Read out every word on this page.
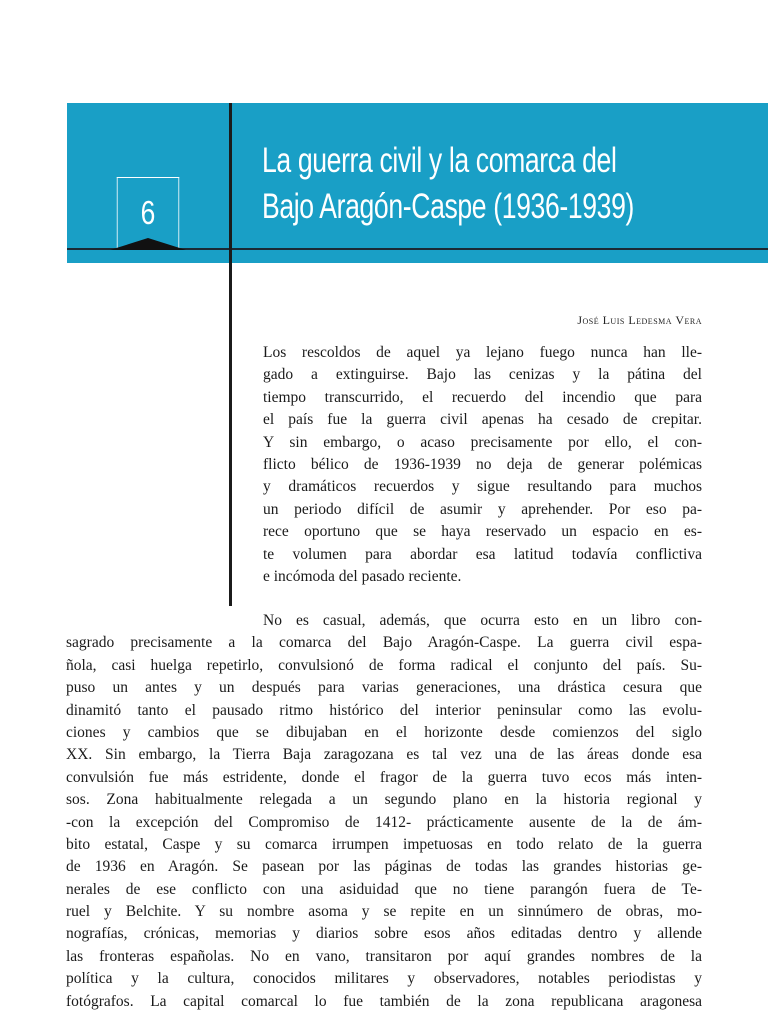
6
La guerra civil y la comarca del
Bajo Aragón-Caspe (1936-1939)
José Luis Ledesma Vera
Los rescoldos de aquel ya lejano fuego nunca han lle-
gado a extinguirse. Bajo las cenizas y la pátina del
tiempo transcurrido, el recuerdo del incendio que para
el país fue la guerra civil apenas ha cesado de crepitar.
Y sin embargo, o acaso precisamente por ello, el con-
flicto bélico de 1936-1939 no deja de generar polémicas
y dramáticos recuerdos y sigue resultando para muchos
un periodo difícil de asumir y aprehender. Por eso pa-
rece oportuno que se haya reservado un espacio en es-
te volumen para abordar esa latitud todavía conflictiva
e incómoda del pasado reciente.
No es casual, además, que ocurra esto en un libro con-
sagrado precisamente a la comarca del Bajo Aragón-Caspe. La guerra civil espa-
ñola, casi huelga repetirlo, convulsionó de forma radical el conjunto del país. Su-
puso un antes y un después para varias generaciones, una drástica cesura que
dinamitó tanto el pausado ritmo histórico del interior peninsular como las evolu-
ciones y cambios que se dibujaban en el horizonte desde comienzos del siglo
XX. Sin embargo, la Tierra Baja zaragozana es tal vez una de las áreas donde esa
convulsión fue más estridente, donde el fragor de la guerra tuvo ecos más inten-
sos. Zona habitualmente relegada a un segundo plano en la historia regional y
-con la excepción del Compromiso de 1412- prácticamente ausente de la de ám-
bito estatal, Caspe y su comarca irrumpen impetuosas en todo relato de la guerra
de 1936 en Aragón. Se pasean por las páginas de todas las grandes historias ge-
nerales de ese conflicto con una asiduidad que no tiene parangón fuera de Te-
ruel y Belchite. Y su nombre asoma y se repite en un sinnúmero de obras, mo-
nografías, crónicas, memorias y diarios sobre esos años editadas dentro y allende
las fronteras españolas. No en vano, transitaron por aquí grandes nombres de la
política y la cultura, conocidos militares y observadores, notables periodistas y
fotógrafos. La capital comarcal lo fue también de la zona republicana aragonesa
